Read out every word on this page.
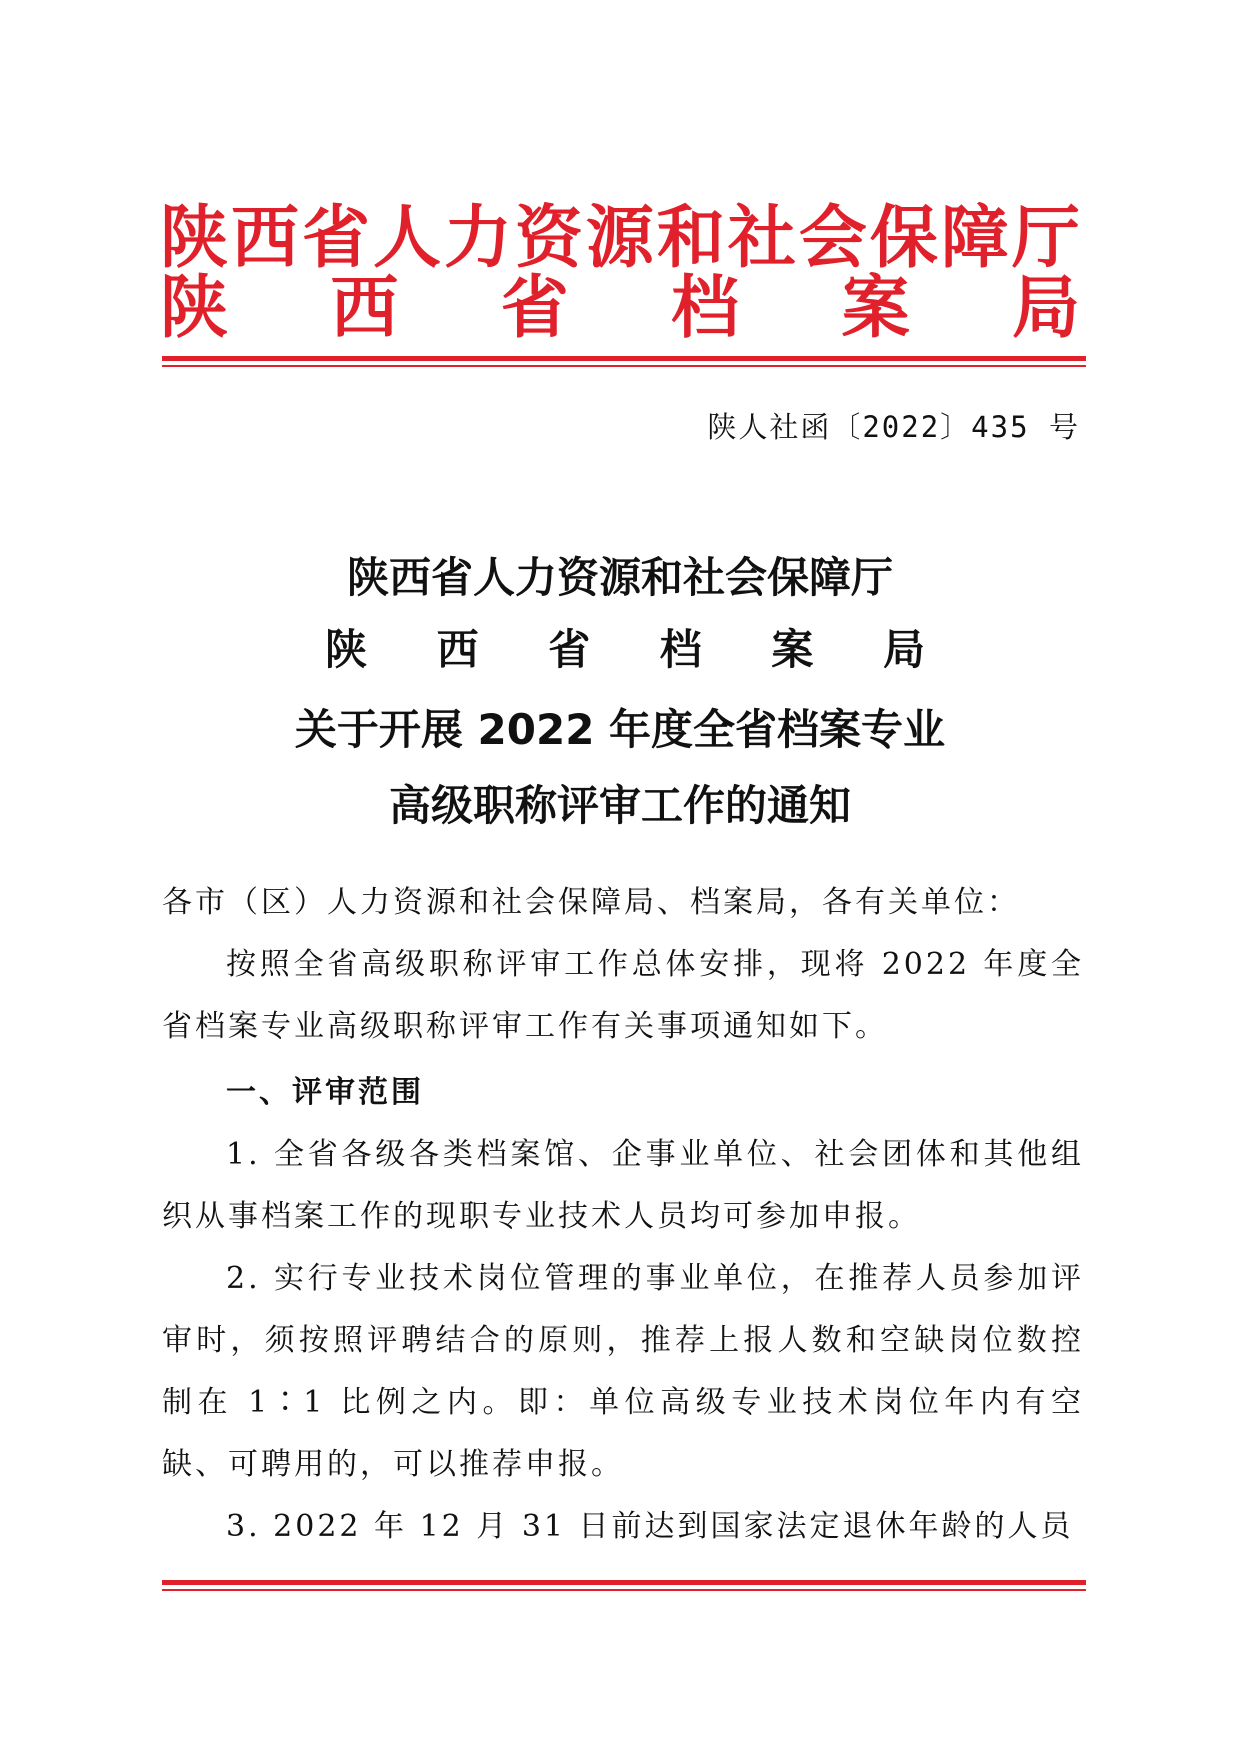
陕 西 省 人 力 资 源 和 社 会 保 障 厅
陕 西 省 档 案 局
陕人社函〔2022〕435 号
陕西省人力资源和社会保障厅
陕 西 省 档 案 局
关于开展 2022 年度全省档案专业
高级职称评审工作的通知

各市（区）人力资源和社会保障局、档案局，各有关单位：

按照全省高级职称评审工作总体安排，现将 2022 年度全省档案专业高级职称评审工作有关事项通知如下。

一、评审范围

1. 全省各级各类档案馆、企事业单位、社会团体和其他组织从事档案工作的现职专业技术人员均可参加申报。

2. 实行专业技术岗位管理的事业单位，在推荐人员参加评审时，须按照评聘结合的原则，推荐上报人数和空缺岗位数控制在 1∶1 比例之内。即：单位高级专业技术岗位年内有空缺、可聘用的，可以推荐申报。

3. 2022 年 12 月 31 日前达到国家法定退休年龄的人员
